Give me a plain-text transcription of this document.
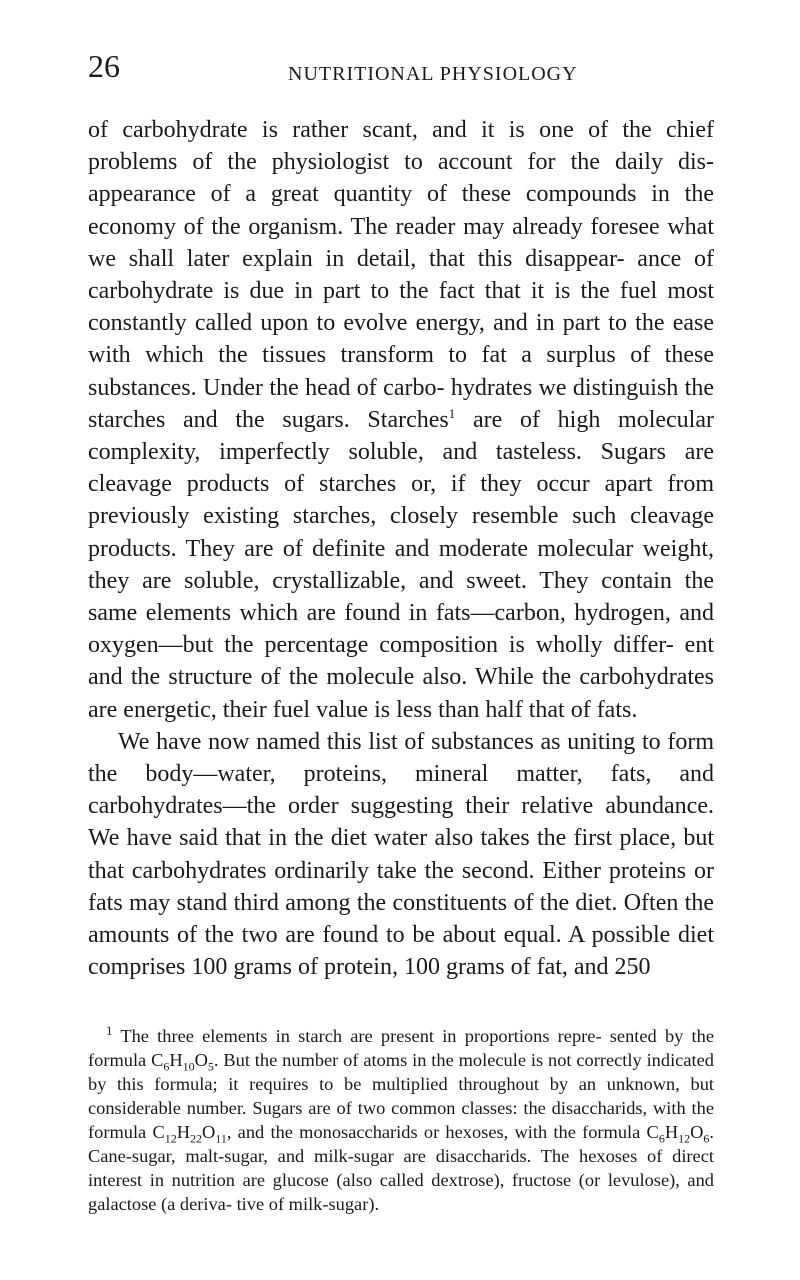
26	NUTRITIONAL PHYSIOLOGY

of carbohydrate is rather scant, and it is one of the chief problems of the physiologist to account for the daily dis- appearance of a great quantity of these compounds in the economy of the organism. The reader may already foresee what we shall later explain in detail, that this disappear- ance of carbohydrate is due in part to the fact that it is the fuel most constantly called upon to evolve energy, and in part to the ease with which the tissues transform to fat a surplus of these substances. Under the head of carbo- hydrates we distinguish the starches and the sugars. Starches$^1$ are of high molecular complexity, imperfectly soluble, and tasteless. Sugars are cleavage products of starches or, if they occur apart from previously existing starches, closely resemble such cleavage products. They are of definite and moderate molecular weight, they are soluble, crystallizable, and sweet. They contain the same elements which are found in fats—carbon, hydrogen, and oxygen—but the percentage composition is wholly differ- ent and the structure of the molecule also. While the carbohydrates are energetic, their fuel value is less than half that of fats.

We have now named this list of substances as uniting to form the body—water, proteins, mineral matter, fats, and carbohydrates—the order suggesting their relative abundance. We have said that in the diet water also takes the first place, but that carbohydrates ordinarily take the second. Either proteins or fats may stand third among the constituents of the diet. Often the amounts of the two are found to be about equal. A possible diet comprises 100 grams of protein, 100 grams of fat, and 250

$^1$ The three elements in starch are present in proportions repre- sented by the formula $C_6H_{10}O_5$. But the number of atoms in the molecule is not correctly indicated by this formula; it requires to be multiplied throughout by an unknown, but considerable number. Sugars are of two common classes: the disaccharids, with the formula $C_{12}H_{22}O_{11}$, and the monosaccharids or hexoses, with the formula $C_6H_{12}O_6$. Cane-sugar, malt-sugar, and milk-sugar are disaccharids. The hexoses of direct interest in nutrition are glucose (also called dextrose), fructose (or levulose), and galactose (a deriva- tive of milk-sugar).
